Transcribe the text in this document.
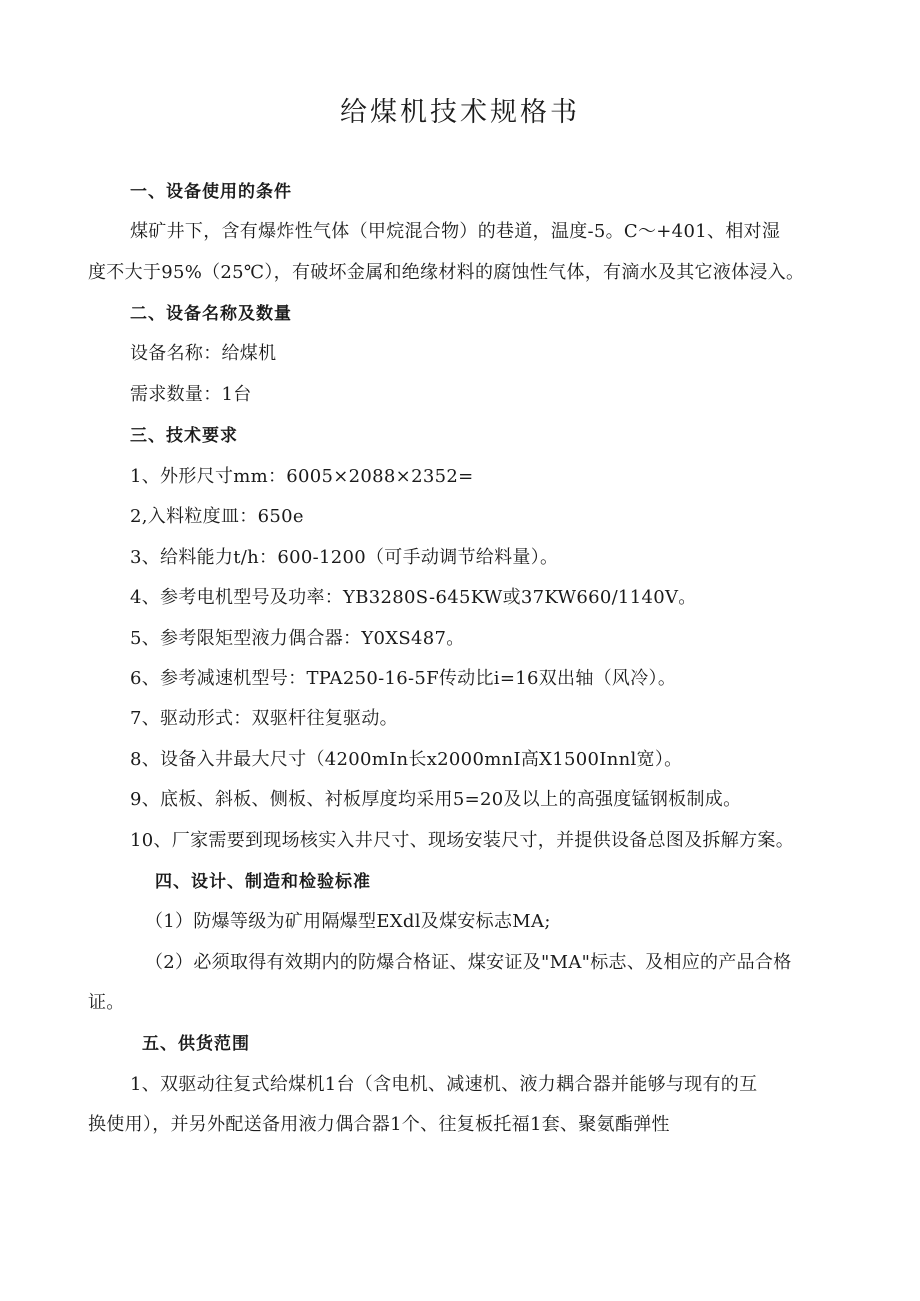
给煤机技术规格书
一、设备使用的条件
煤矿井下，含有爆炸性气体（甲烷混合物）的巷道，温度-5。C～+401、相对湿
度不大于95%（25℃），有破坏金属和绝缘材料的腐蚀性气体，有滴水及其它液体浸入。
二、设备名称及数量
设备名称：给煤机
需求数量：1台
三、技术要求
1、外形尺寸mm：6005×2088×2352=
2,入料粒度皿：650e
3、给料能力t/h：600-1200（可手动调节给料量）。
4、参考电机型号及功率：YB3280S-645KW或37KW660/1140V。
5、参考限矩型液力偶合器：Y0XS487。
6、参考减速机型号：TPA250-16-5F传动比i=16双出轴（风冷）。
7、驱动形式：双驱杆往复驱动。
8、设备入井最大尺寸（4200mIn长x2000mnI高X1500Innl宽）。
9、底板、斜板、侧板、衬板厚度均采用5=20及以上的高强度锰钢板制成。
10、厂家需要到现场核实入井尺寸、现场安装尺寸，并提供设备总图及拆解方案。
四、设计、制造和检验标准
（1）防爆等级为矿用隔爆型EXdl及煤安标志MA;
（2）必须取得有效期内的防爆合格证、煤安证及"MA"标志、及相应的产品合格
证。
五、供货范围
1、双驱动往复式给煤机1台（含电机、减速机、液力耦合器并能够与现有的互
换使用），并另外配送备用液力偶合器1个、往复板托福1套、聚氨酯弹性
